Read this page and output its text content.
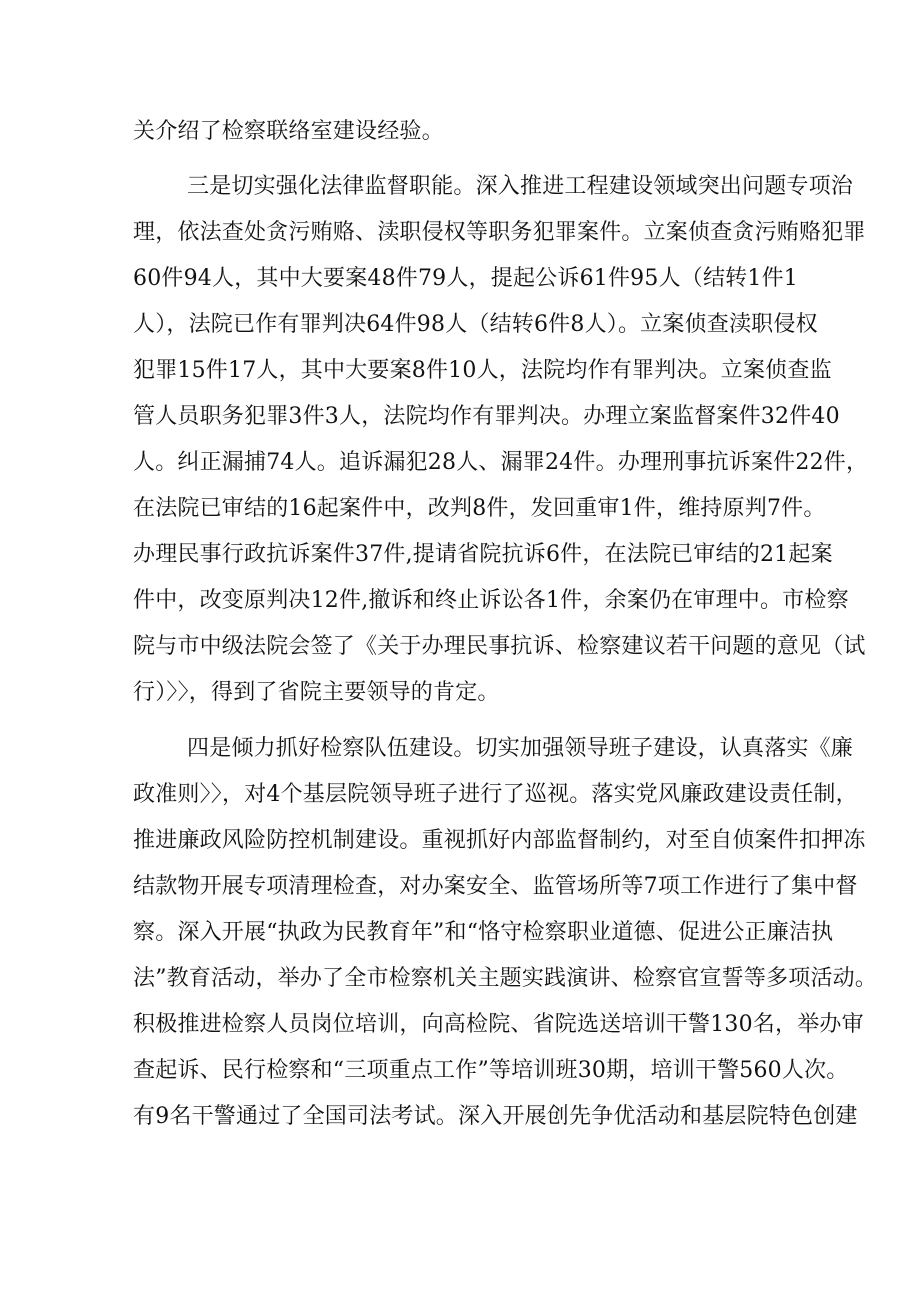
关介绍了检察联络室建设经验。
三是切实强化法律监督职能。深入推进工程建设领域突出问题专项治
理，依法查处贪污贿赂、渎职侵权等职务犯罪案件。立案侦查贪污贿赂犯罪
60件94人，其中大要案48件79人，提起公诉61件95人（结转1件1
人），法院已作有罪判决64件98人（结转6件8人）。立案侦查渎职侵权
犯罪15件17人，其中大要案8件10人，法院均作有罪判决。立案侦查监
管人员职务犯罪3件3人，法院均作有罪判决。办理立案监督案件32件40
人。纠正漏捕74人。追诉漏犯28人、漏罪24件。办理刑事抗诉案件22件，
在法院已审结的16起案件中，改判8件，发回重审1件，维持原判7件。
办理民事行政抗诉案件37件,提请省院抗诉6件，在法院已审结的21起案
件中，改变原判决12件,撤诉和终止诉讼各1件，余案仍在审理中。市检察
院与市中级法院会签了《关于办理民事抗诉、检察建议若干问题的意见（试
行）〉〉，得到了省院主要领导的肯定。
四是倾力抓好检察队伍建设。切实加强领导班子建设，认真落实《廉
政准则〉〉，对4个基层院领导班子进行了巡视。落实党风廉政建设责任制，
推进廉政风险防控机制建设。重视抓好内部监督制约，对至自侦案件扣押冻
结款物开展专项清理检查，对办案安全、监管场所等7项工作进行了集中督
察。深入开展“执政为民教育年”和“恪守检察职业道德、促进公正廉洁执
法”教育活动，举办了全市检察机关主题实践演讲、检察官宣誓等多项活动。
积极推进检察人员岗位培训，向高检院、省院选送培训干警130名，举办审
查起诉、民行检察和“三项重点工作”等培训班30期，培训干警560人次。
有9名干警通过了全国司法考试。深入开展创先争优活动和基层院特色创建
